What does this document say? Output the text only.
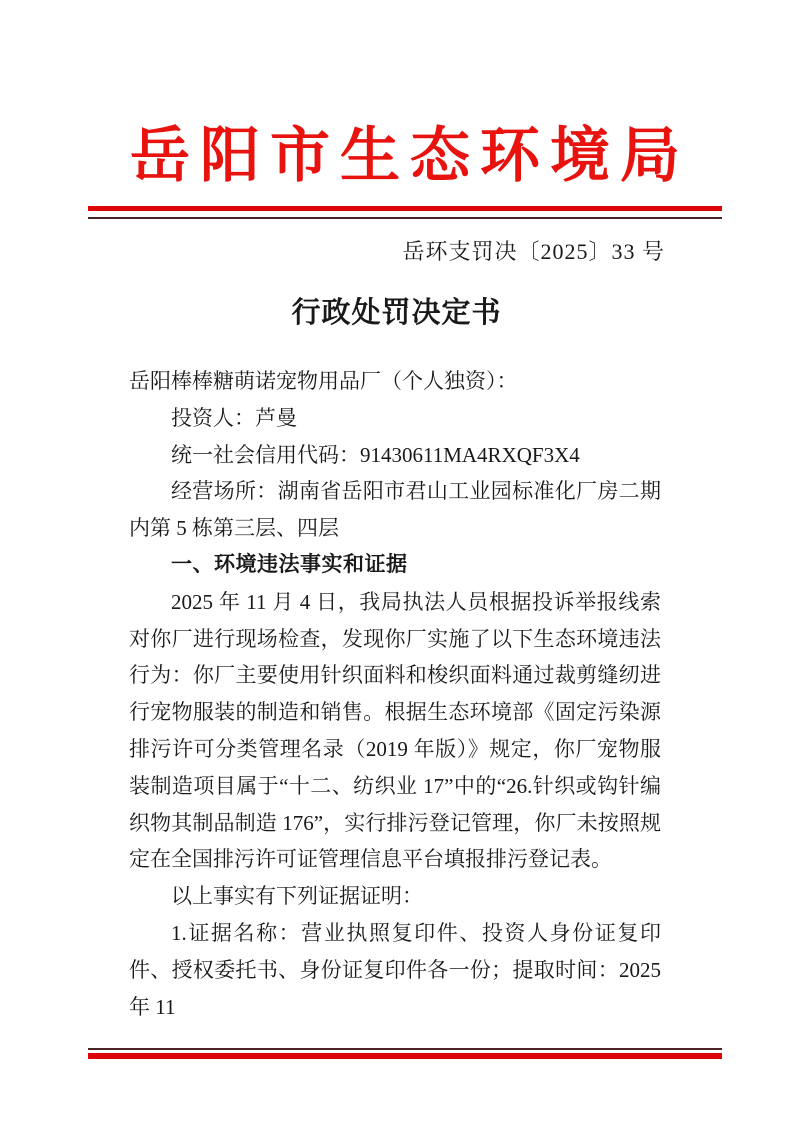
岳阳市生态环境局
岳环支罚决〔2025〕33 号
行政处罚决定书

岳阳棒棒糖萌诺宠物用品厂（个人独资）：

投资人：芦曼

统一社会信用代码：91430611MA4RXQF3X4

经营场所：湖南省岳阳市君山工业园标准化厂房二期内第 5 栋第三层、四层

一、环境违法事实和证据

2025 年 11 月 4 日，我局执法人员根据投诉举报线索对你厂进行现场检查，发现你厂实施了以下生态环境违法行为：你厂主要使用针织面料和梭织面料通过裁剪缝纫进行宠物服装的制造和销售。根据生态环境部《固定污染源排污许可分类管理名录（2019 年版）》规定，你厂宠物服装制造项目属于“十二、纺织业 17”中的“26.针织或钩针编织物其制品制造 176”，实行排污登记管理，你厂未按照规定在全国排污许可证管理信息平台填报排污登记表。

以上事实有下列证据证明：

1.证据名称：营业执照复印件、投资人身份证复印件、授权委托书、身份证复印件各一份；提取时间：2025 年 11
